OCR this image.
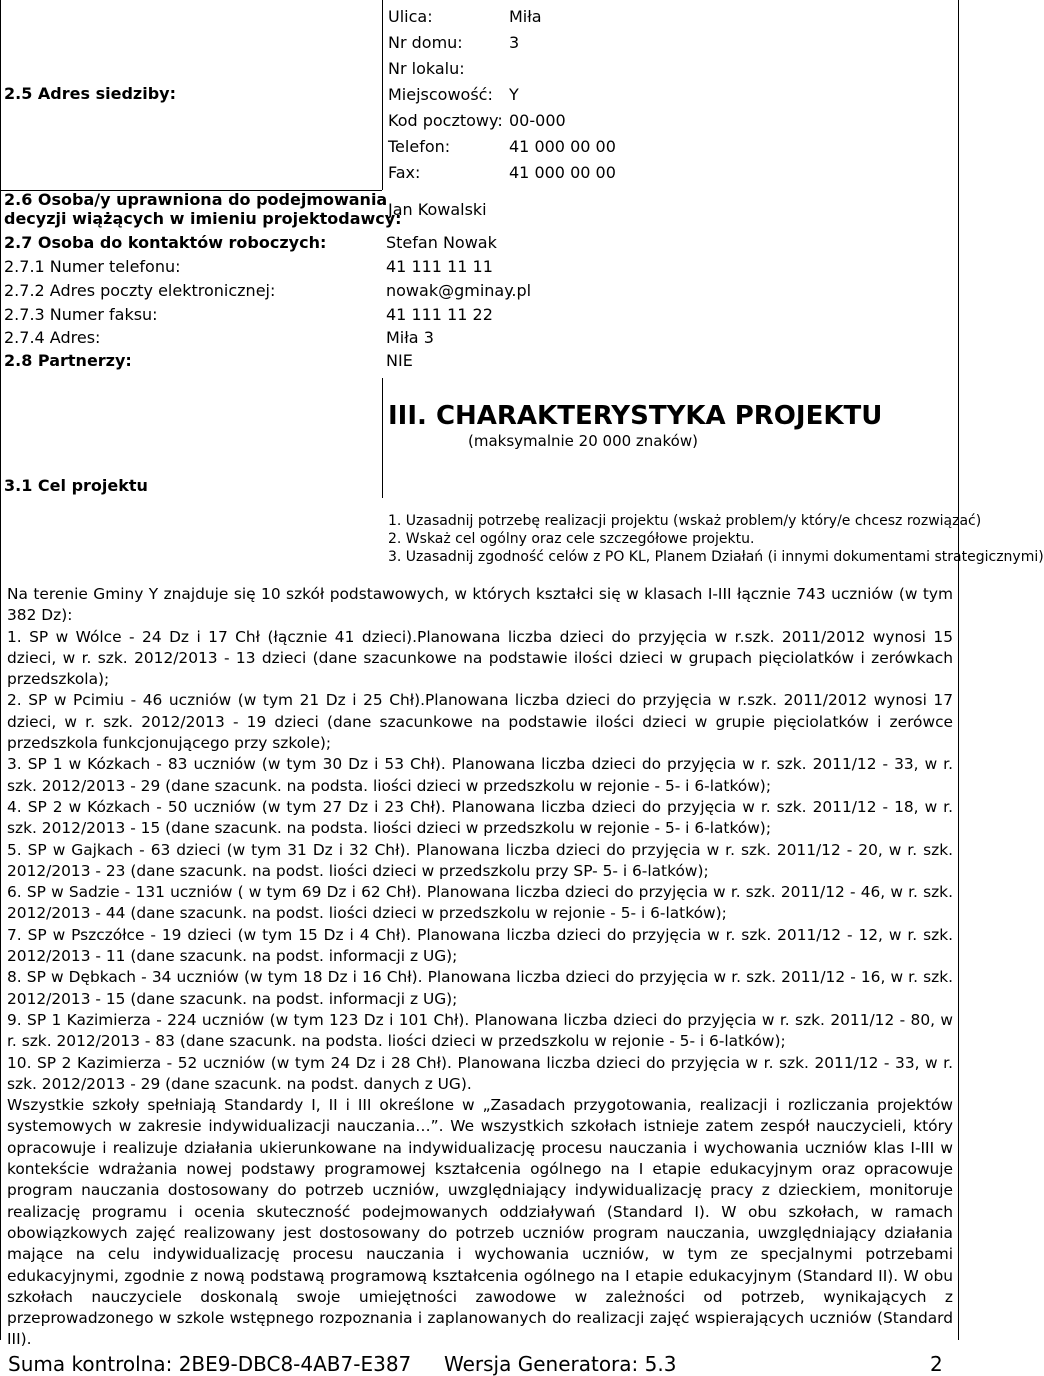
2.5 Adres siedziby:
Ulica:	Miła
Nr domu:	3
Nr lokalu:
Miejscowość: Y
Kod pocztowy: 00-000
Telefon:	41 000 00 00
Fax:	41 000 00 00
2.6 Osoba/y uprawniona do podejmowania
decyzji wiążących w imieniu projektodawcy:
Jan Kowalski
2.7 Osoba do kontaktów roboczych:	Stefan Nowak
2.7.1 Numer telefonu:	41 111 11 11
2.7.2 Adres poczty elektronicznej:	nowak@gminay.pl
2.7.3 Numer faksu:	41 111 11 22
2.7.4 Adres:	Miła 3
2.8 Partnerzy:	NIE
III. CHARAKTERYSTYKA PROJEKTU
(maksymalnie 20 000 znaków)
3.1 Cel projektu
1. Uzasadnij potrzebę realizacji projektu (wskaż problem/y który/e chcesz rozwiązać)
2. Wskaż cel ogólny oraz cele szczegółowe projektu.
3. Uzasadnij zgodność celów z PO KL, Planem Działań (i innymi dokumentami strategicznymi)

Na terenie Gminy Y znajduje się 10 szkół podstawowych, w których kształci się w klasach I-III łącznie 743 uczniów (w tym 382 Dz):

1. SP w Wólce - 24 Dz i 17 Chł (łącznie 41 dzieci).Planowana liczba dzieci do przyjęcia w r.szk. 2011/2012 wynosi 15 dzieci, w r. szk. 2012/2013 - 13 dzieci (dane szacunkowe na podstawie ilości dzieci w grupach pięciolatków i zerówkach przedszkola);

2. SP w Pcimiu - 46 uczniów (w tym 21 Dz i 25 Chł).Planowana liczba dzieci do przyjęcia w r.szk. 2011/2012 wynosi 17 dzieci, w r. szk. 2012/2013 - 19 dzieci (dane szacunkowe na podstawie ilości dzieci w grupie pięciolatków i zerówce przedszkola funkcjonującego przy szkole);

3. SP 1 w Kózkach - 83 uczniów (w tym 30 Dz i 53 Chł). Planowana liczba dzieci do przyjęcia w r. szk. 2011/12 - 33, w r. szk. 2012/2013 - 29 (dane szacunk. na podsta. liości dzieci w przedszkolu w rejonie - 5- i 6-latków);

4. SP 2 w Kózkach - 50 uczniów (w tym 27 Dz i 23 Chł). Planowana liczba dzieci do przyjęcia w r. szk. 2011/12 - 18, w r. szk. 2012/2013 - 15 (dane szacunk. na podsta. liości dzieci w przedszkolu w rejonie - 5- i 6-latków);

5. SP w Gajkach - 63 dzieci (w tym 31 Dz i 32 Chł). Planowana liczba dzieci do przyjęcia w r. szk. 2011/12 - 20, w r. szk. 2012/2013 - 23 (dane szacunk. na podst. liości dzieci w przedszkolu przy SP- 5- i 6-latków);

6. SP w Sadzie - 131 uczniów ( w tym 69 Dz i 62 Chł). Planowana liczba dzieci do przyjęcia w r. szk. 2011/12 - 46, w r. szk. 2012/2013 - 44 (dane szacunk. na podst. liości dzieci w przedszkolu w rejonie - 5- i 6-latków);

7. SP w Pszczółce - 19 dzieci (w tym 15 Dz i 4 Chł). Planowana liczba dzieci do przyjęcia w r. szk. 2011/12 - 12, w r. szk. 2012/2013 - 11 (dane szacunk. na podst. informacji z UG);

8. SP w Dębkach - 34 uczniów (w tym 18 Dz i 16 Chł). Planowana liczba dzieci do przyjęcia w r. szk. 2011/12 - 16, w r. szk. 2012/2013 - 15 (dane szacunk. na podst. informacji z UG);

9. SP 1 Kazimierza - 224 uczniów (w tym 123 Dz i 101 Chł). Planowana liczba dzieci do przyjęcia w r. szk. 2011/12 - 80, w r. szk. 2012/2013 - 83 (dane szacunk. na podsta. liości dzieci w przedszkolu w rejonie - 5- i 6-latków);

10. SP 2 Kazimierza - 52 uczniów (w tym 24 Dz i 28 Chł). Planowana liczba dzieci do przyjęcia w r. szk. 2011/12 - 33, w r. szk. 2012/2013 - 29 (dane szacunk. na podst. danych z UG).

Wszystkie szkoły spełniają Standardy I, II i III określone w „Zasadach przygotowania, realizacji i rozliczania projektów systemowych w zakresie indywidualizacji nauczania…”. We wszystkich szkołach istnieje zatem zespół nauczycieli, który opracowuje i realizuje działania ukierunkowane na indywidualizację procesu nauczania i wychowania uczniów klas I-III w kontekście wdrażania nowej podstawy programowej kształcenia ogólnego na I etapie edukacyjnym oraz opracowuje program nauczania dostosowany do potrzeb uczniów, uwzględniający indywidualizację pracy z dzieckiem, monitoruje realizację programu i ocenia skuteczność podejmowanych oddziaływań (Standard I). W obu szkołach, w ramach obowiązkowych zajęć realizowany jest dostosowany do potrzeb uczniów program nauczania, uwzględniający działania mające na celu indywidualizację procesu nauczania i wychowania uczniów, w tym ze specjalnymi potrzebami edukacyjnymi, zgodnie z nową podstawą programową kształcenia ogólnego na I etapie edukacyjnym (Standard II). W obu szkołach nauczyciele doskonalą swoje umiejętności zawodowe w zależności od potrzeb, wynikających z przeprowadzonego w szkole wstępnego rozpoznania i zaplanowanych do realizacji zajęć wspierających uczniów (Standard III).

Suma kontrolna: 2BE9-DBC8-4AB7-E387 Wersja Generatora: 5.3	2
